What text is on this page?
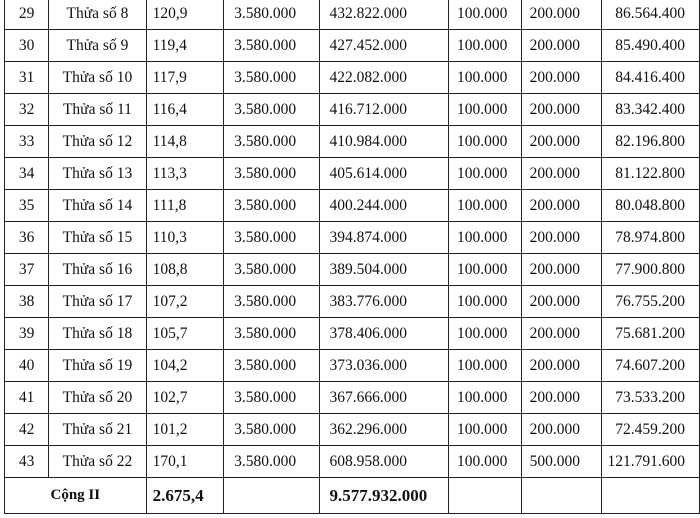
29	Thửa số 8	120,9	3.580.000	432.822.000	100.000	200.000	86.564.400
30	Thửa số 9	119,4	3.580.000	427.452.000	100.000	200.000	85.490.400
31	Thửa số 10	117,9	3.580.000	422.082.000	100.000	200.000	84.416.400
32	Thửa số 11	116,4	3.580.000	416.712.000	100.000	200.000	83.342.400
33	Thửa số 12	114,8	3.580.000	410.984.000	100.000	200.000	82.196.800
34	Thửa số 13	113,3	3.580.000	405.614.000	100.000	200.000	81.122.800
35	Thửa số 14	111,8	3.580.000	400.244.000	100.000	200.000	80.048.800
36	Thửa số 15	110,3	3.580.000	394.874.000	100.000	200.000	78.974.800
37	Thửa số 16	108,8	3.580.000	389.504.000	100.000	200.000	77.900.800
38	Thửa số 17	107,2	3.580.000	383.776.000	100.000	200.000	76.755.200
39	Thửa số 18	105,7	3.580.000	378.406.000	100.000	200.000	75.681.200
40	Thửa số 19	104,2	3.580.000	373.036.000	100.000	200.000	74.607.200
41	Thửa số 20	102,7	3.580.000	367.666.000	100.000	200.000	73.533.200
42	Thửa số 21	101,2	3.580.000	362.296.000	100.000	200.000	72.459.200
43	Thửa số 22	170,1	3.580.000	608.958.000	100.000	500.000	121.791.600
Cộng II		2.675,4		9.577.932.000			
